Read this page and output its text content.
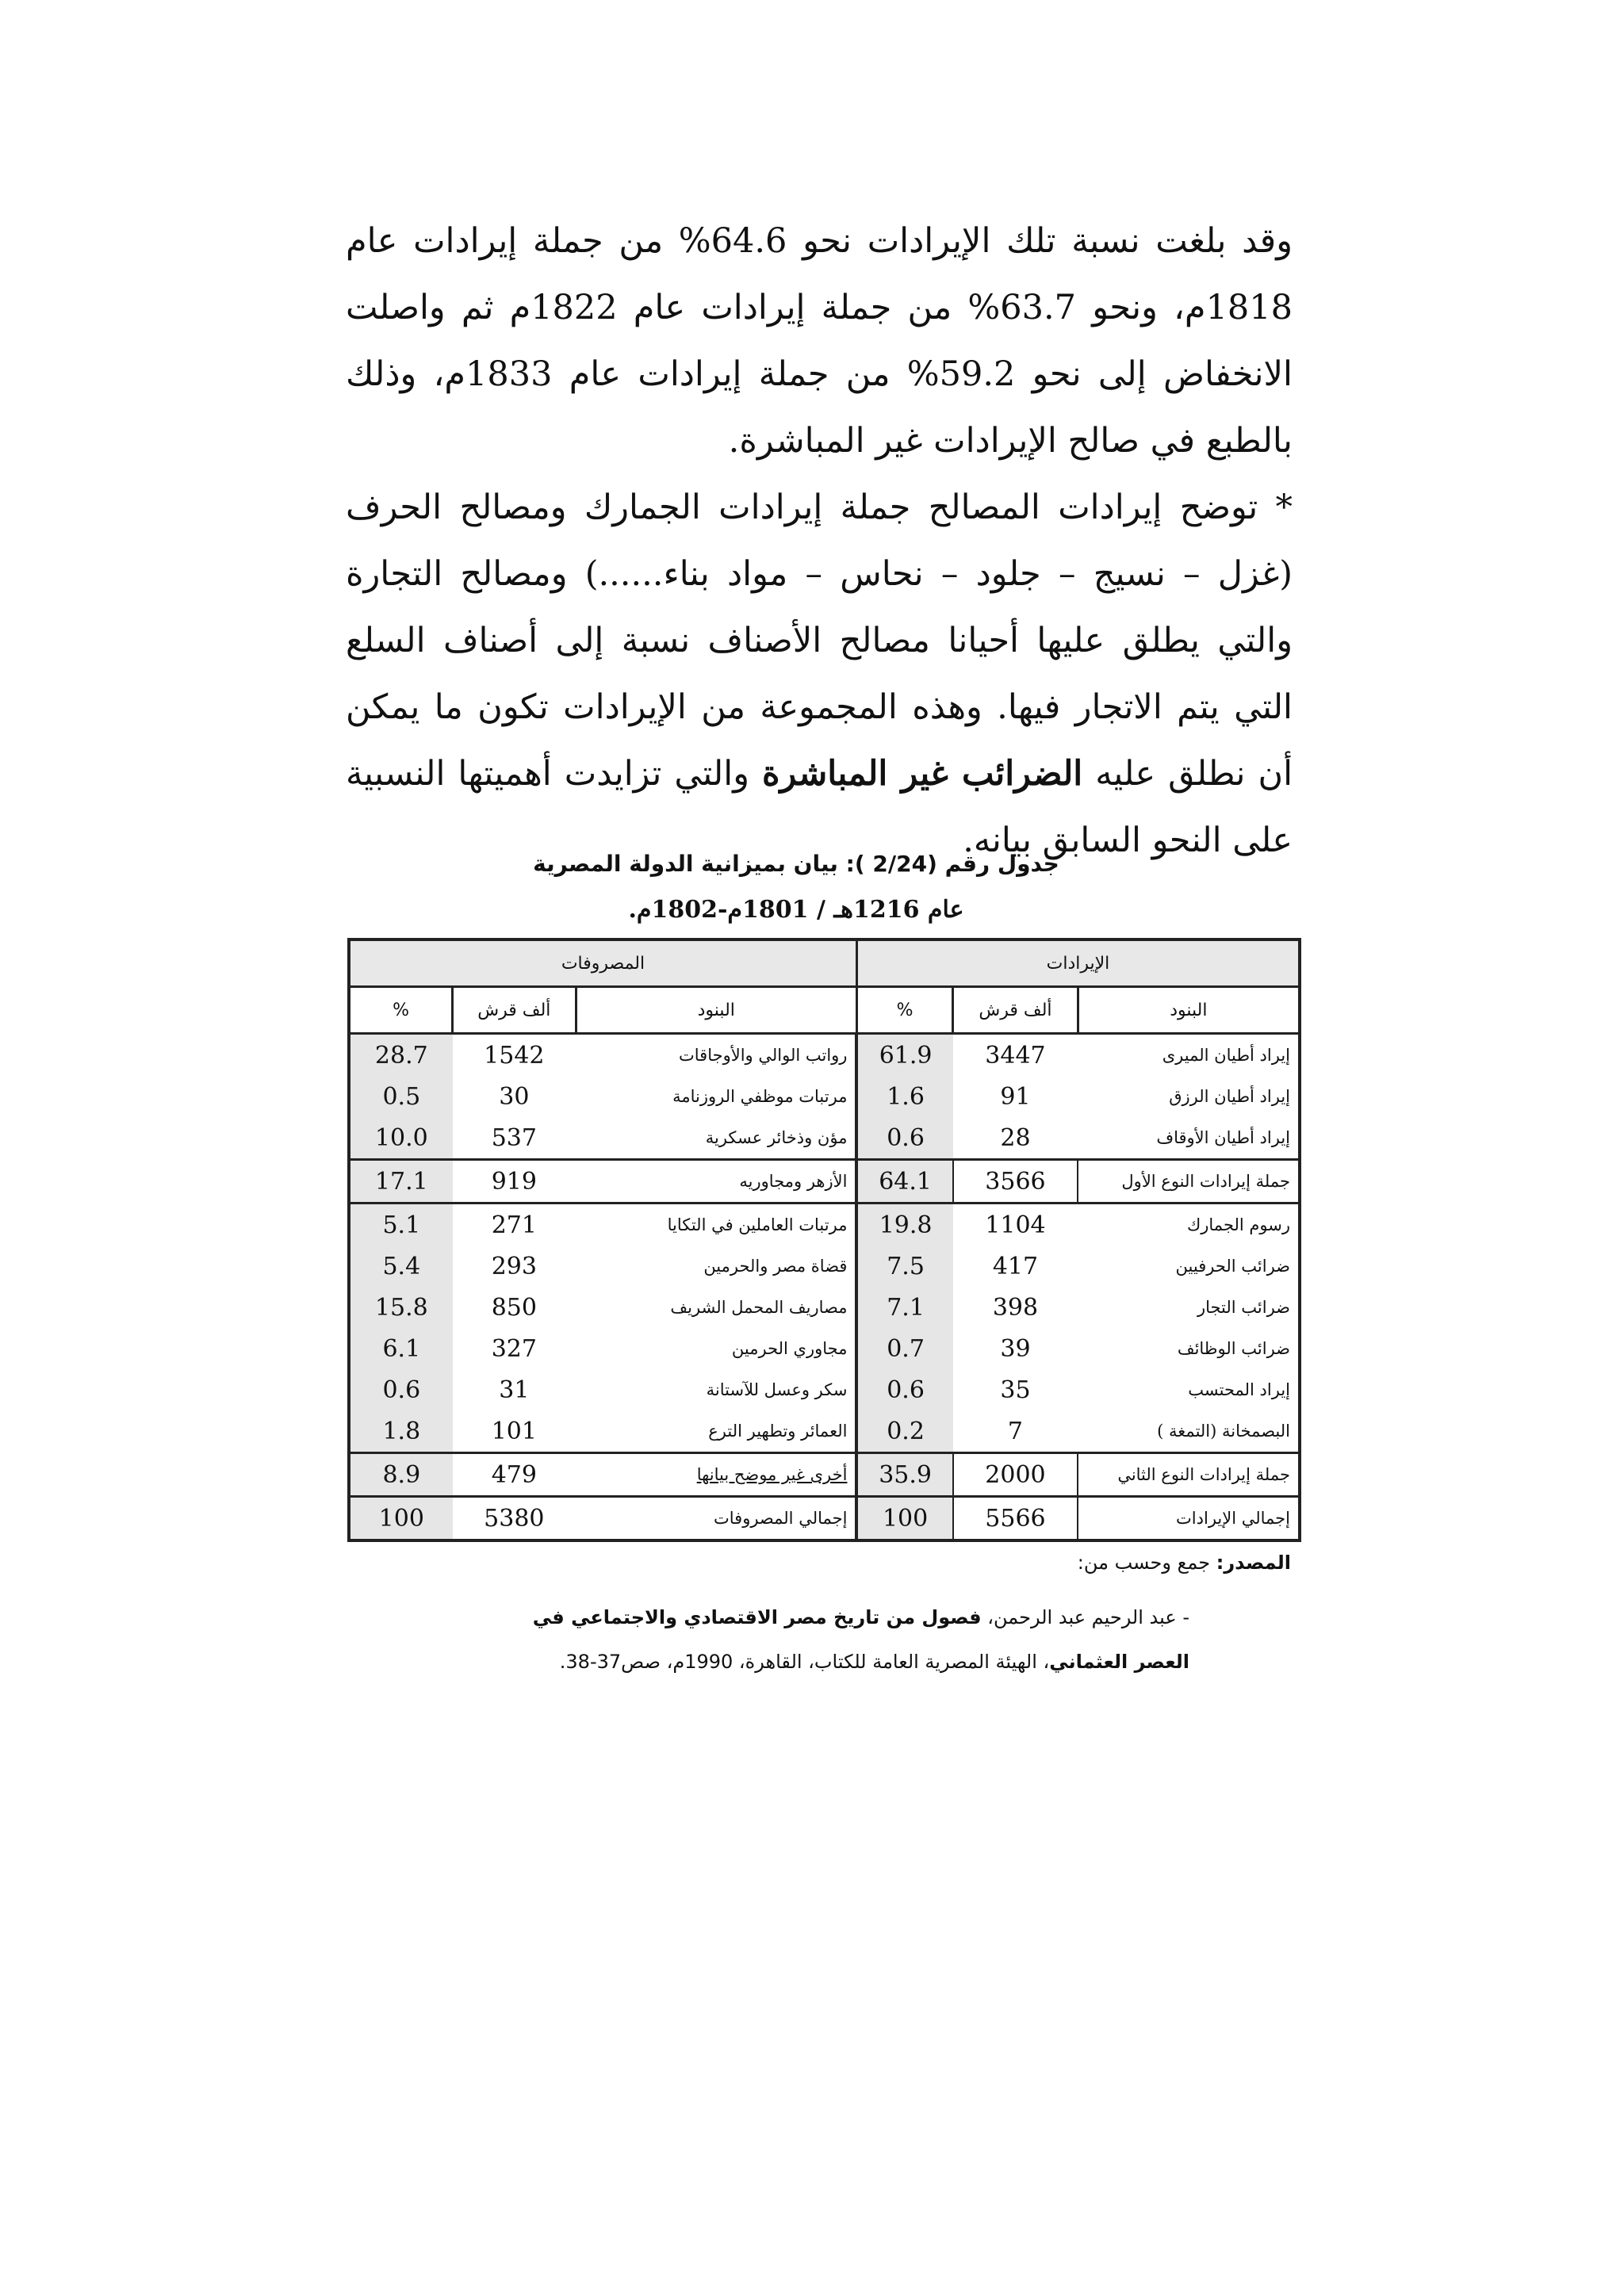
وقد بلغت نسبة تلك الإيرادات نحو 64.6% من جملة إيرادات عام 1818م، ونحو 63.7% من جملة إيرادات عام 1822م ثم واصلت الانخفاض إلى نحو 59.2% من جملة إيرادات عام 1833م، وذلك بالطبع في صالح الإيرادات غير المباشرة.

* توضح إيرادات المصالح جملة إيرادات الجمارك ومصالح الحرف (غزل – نسيج – جلود – نحاس – مواد بناء......) ومصالح التجارة والتي يطلق عليها أحيانا مصالح الأصناف نسبة إلى أصناف السلع التي يتم الاتجار فيها. وهذه المجموعة من الإيرادات تكون ما يمكن أن نطلق عليه الضرائب غير المباشرة والتي تزايدت أهميتها النسبية على النحو السابق بيانه.

جدول رقم (2/24 ): بيان بميزانية الدولة المصرية
عام 1216هـ / 1801م-1802م.
الإيرادات			المصروفات		
البنود	ألف قرش	%	البنود	ألف قرش	%
إيراد أطيان الميرى	3447	61.9	رواتب الوالي والأوجاقات	1542	28.7
إيراد أطيان الرزق	91	1.6	مرتبات موظفي الروزنامة	30	0.5
إيراد أطيان الأوقاف	28	0.6	مؤن وذخائر عسكرية	537	10.0
جملة إيرادات النوع الأول	3566	64.1	الأزهر ومجاوريه	919	17.1
رسوم الجمارك	1104	19.8	مرتبات العاملين في التكايا	271	5.1
ضرائب الحرفيين	417	7.5	قضاة مصر والحرمين	293	5.4
ضرائب التجار	398	7.1	مصاريف المحمل الشريف	850	15.8
ضرائب الوظائف	39	0.7	مجاوري الحرمين	327	6.1
إيراد المحتسب	35	0.6	سكر وعسل للآستانة	31	0.6
البصمخانة (التمغة )	7	0.2	العمائر وتطهير الترع	101	1.8
جملة إيرادات النوع الثاني	2000	35.9	أخرى غير موضح بيانها	479	8.9
إجمالي الإيرادات	5566	100	إجمالي المصروفات	5380	100
المصدر: جمع وحسب من:
- عبد الرحيم عبد الرحمن، فصول من تاريخ مصر الاقتصادي والاجتماعي في
العصر العثماني، الهيئة المصرية العامة للكتاب، القاهرة، 1990م، صص37-38.
